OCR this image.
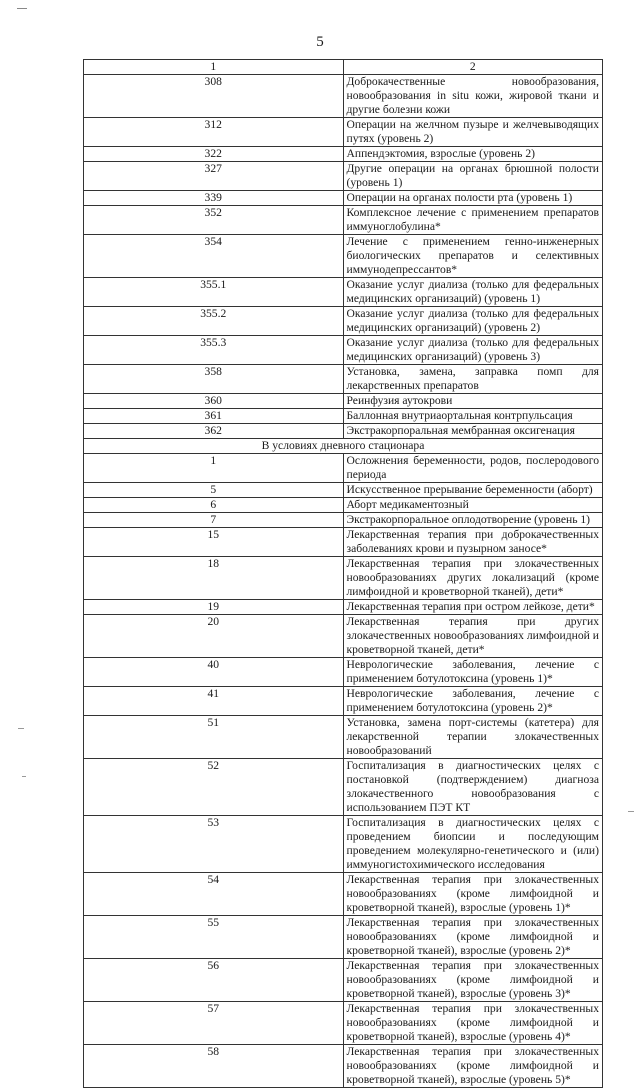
5
1	2
308	Доброкачественные новообразования, новообразования in situ кожи, жировой ткани и другие болезни кожи
312	Операции на желчном пузыре и желчевыводящих путях (уровень 2)
322	Аппендэктомия, взрослые (уровень 2)
327	Другие операции на органах брюшной полости (уровень 1)
339	Операции на органах полости рта (уровень 1)
352	Комплексное лечение с применением препаратов иммуноглобулина*
354	Лечение с применением генно-инженерных биологических препаратов и селективных иммунодепрессантов*
355.1	Оказание услуг диализа (только для федеральных медицинских организаций) (уровень 1)
355.2	Оказание услуг диализа (только для федеральных медицинских организаций) (уровень 2)
355.3	Оказание услуг диализа (только для федеральных медицинских организаций) (уровень 3)
358	Установка, замена, заправка помп для лекарственных препаратов
360	Реинфузия аутокрови
361	Баллонная внутриаортальная контрпульсация
362	Экстракорпоральная мембранная оксигенация
В условиях дневного стационара	
1	Осложнения беременности, родов, послеродового периода
5	Искусственное прерывание беременности (аборт)
6	Аборт медикаментозный
7	Экстракорпоральное оплодотворение (уровень 1)
15	Лекарственная терапия при доброкачественных заболеваниях крови и пузырном заносе*
18	Лекарственная терапия при злокачественных новообразованиях других локализаций (кроме лимфоидной и кроветворной тканей), дети*
19	Лекарственная терапия при остром лейкозе, дети*
20	Лекарственная терапия при других злокачественных новообразованиях лимфоидной и кроветворной тканей, дети*
40	Неврологические заболевания, лечение с применением ботулотоксина (уровень 1)*
41	Неврологические заболевания, лечение с применением ботулотоксина (уровень 2)*
51	Установка, замена порт-системы (катетера) для лекарственной терапии злокачественных новообразований
52	Госпитализация в диагностических целях с постановкой (подтверждением) диагноза злокачественного новообразования с использованием ПЭТ КТ
53	Госпитализация в диагностических целях с проведением биопсии и последующим проведением молекулярно-генетического и (или) иммуногистохимического исследования
54	Лекарственная терапия при злокачественных новообразованиях (кроме лимфоидной и кроветворной тканей), взрослые (уровень 1)*
55	Лекарственная терапия при злокачественных новообразованиях (кроме лимфоидной и кроветворной тканей), взрослые (уровень 2)*
56	Лекарственная терапия при злокачественных новообразованиях (кроме лимфоидной и кроветворной тканей), взрослые (уровень 3)*
57	Лекарственная терапия при злокачественных новообразованиях (кроме лимфоидной и кроветворной тканей), взрослые (уровень 4)*
58	Лекарственная терапия при злокачественных новообразованиях (кроме лимфоидной и кроветворной тканей), взрослые (уровень 5)*
